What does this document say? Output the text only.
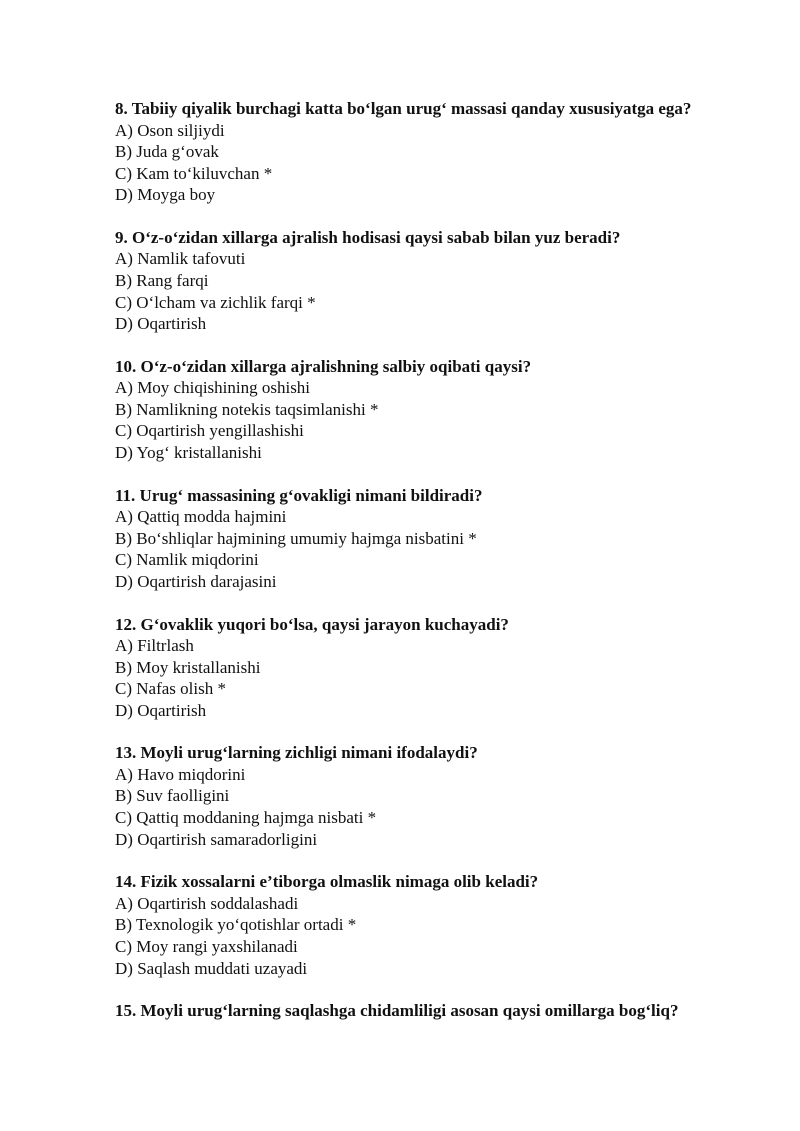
8. Tabiiy qiyalik burchagi katta bo‘lgan urug‘ massasi qanday xususiyatga ega?

A) Oson siljiydi
B) Juda g‘ovak
C) Kam to‘kiluvchan *
D) Moyga boy

9. O‘z-o‘zidan xillarga ajralish hodisasi qaysi sabab bilan yuz beradi?

A) Namlik tafovuti
B) Rang farqi
C) O‘lcham va zichlik farqi *
D) Oqartirish

10. O‘z-o‘zidan xillarga ajralishning salbiy oqibati qaysi?

A) Moy chiqishining oshishi
B) Namlikning notekis taqsimlanishi *
C) Oqartirish yengillashishi
D) Yog‘ kristallanishi

11. Urug‘ massasining g‘ovakligi nimani bildiradi?

A) Qattiq modda hajmini
B) Bo‘shliqlar hajmining umumiy hajmga nisbatini *
C) Namlik miqdorini
D) Oqartirish darajasini

12. G‘ovaklik yuqori bo‘lsa, qaysi jarayon kuchayadi?

A) Filtrlash
B) Moy kristallanishi
C) Nafas olish *
D) Oqartirish

13. Moyli urug‘larning zichligi nimani ifodalaydi?

A) Havo miqdorini
B) Suv faolligini
C) Qattiq moddaning hajmga nisbati *
D) Oqartirish samaradorligini

14. Fizik xossalarni e’tiborga olmaslik nimaga olib keladi?

A) Oqartirish soddalashadi
B) Texnologik yo‘qotishlar ortadi *
C) Moy rangi yaxshilanadi
D) Saqlash muddati uzayadi

15. Moyli urug‘larning saqlashga chidamliligi asosan qaysi omillarga bog‘liq?
